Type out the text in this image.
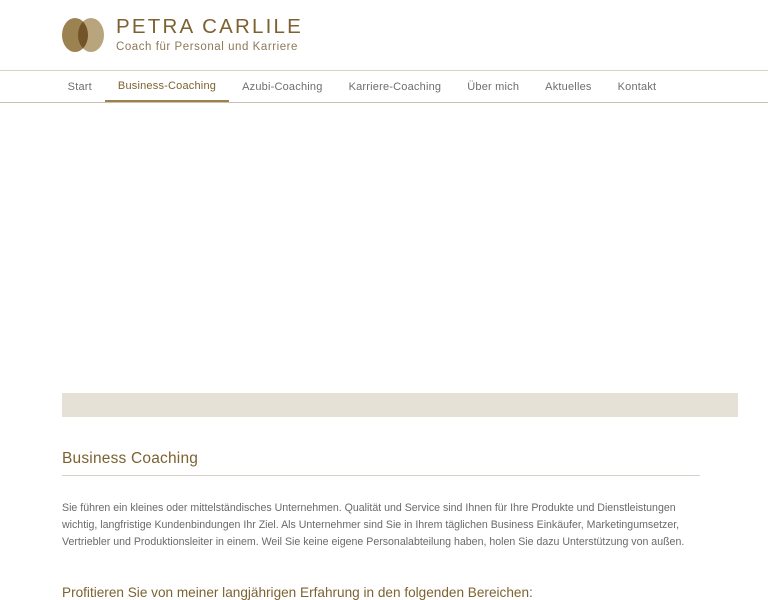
PETRA CARLILE
Coach für Personal und Karriere
Start	Business-Coaching	Azubi-Coaching	Karriere-Coaching	Über mich	Aktuelles	Kontakt
Business Coaching

Sie führen ein kleines oder mittelständisches Unternehmen. Qualität und Service sind Ihnen für Ihre Produkte und Dienstleistungen wichtig, langfristige Kundenbindungen Ihr Ziel. Als Unternehmer sind Sie in Ihrem täglichen Business Einkäufer, Marketingumsetzer, Vertriebler und Produktionsleiter in einem. Weil Sie keine eigene Personalabteilung haben, holen Sie dazu Unterstützung von außen.

Profitieren Sie von meiner langjährigen Erfahrung in den folgenden Bereichen:
